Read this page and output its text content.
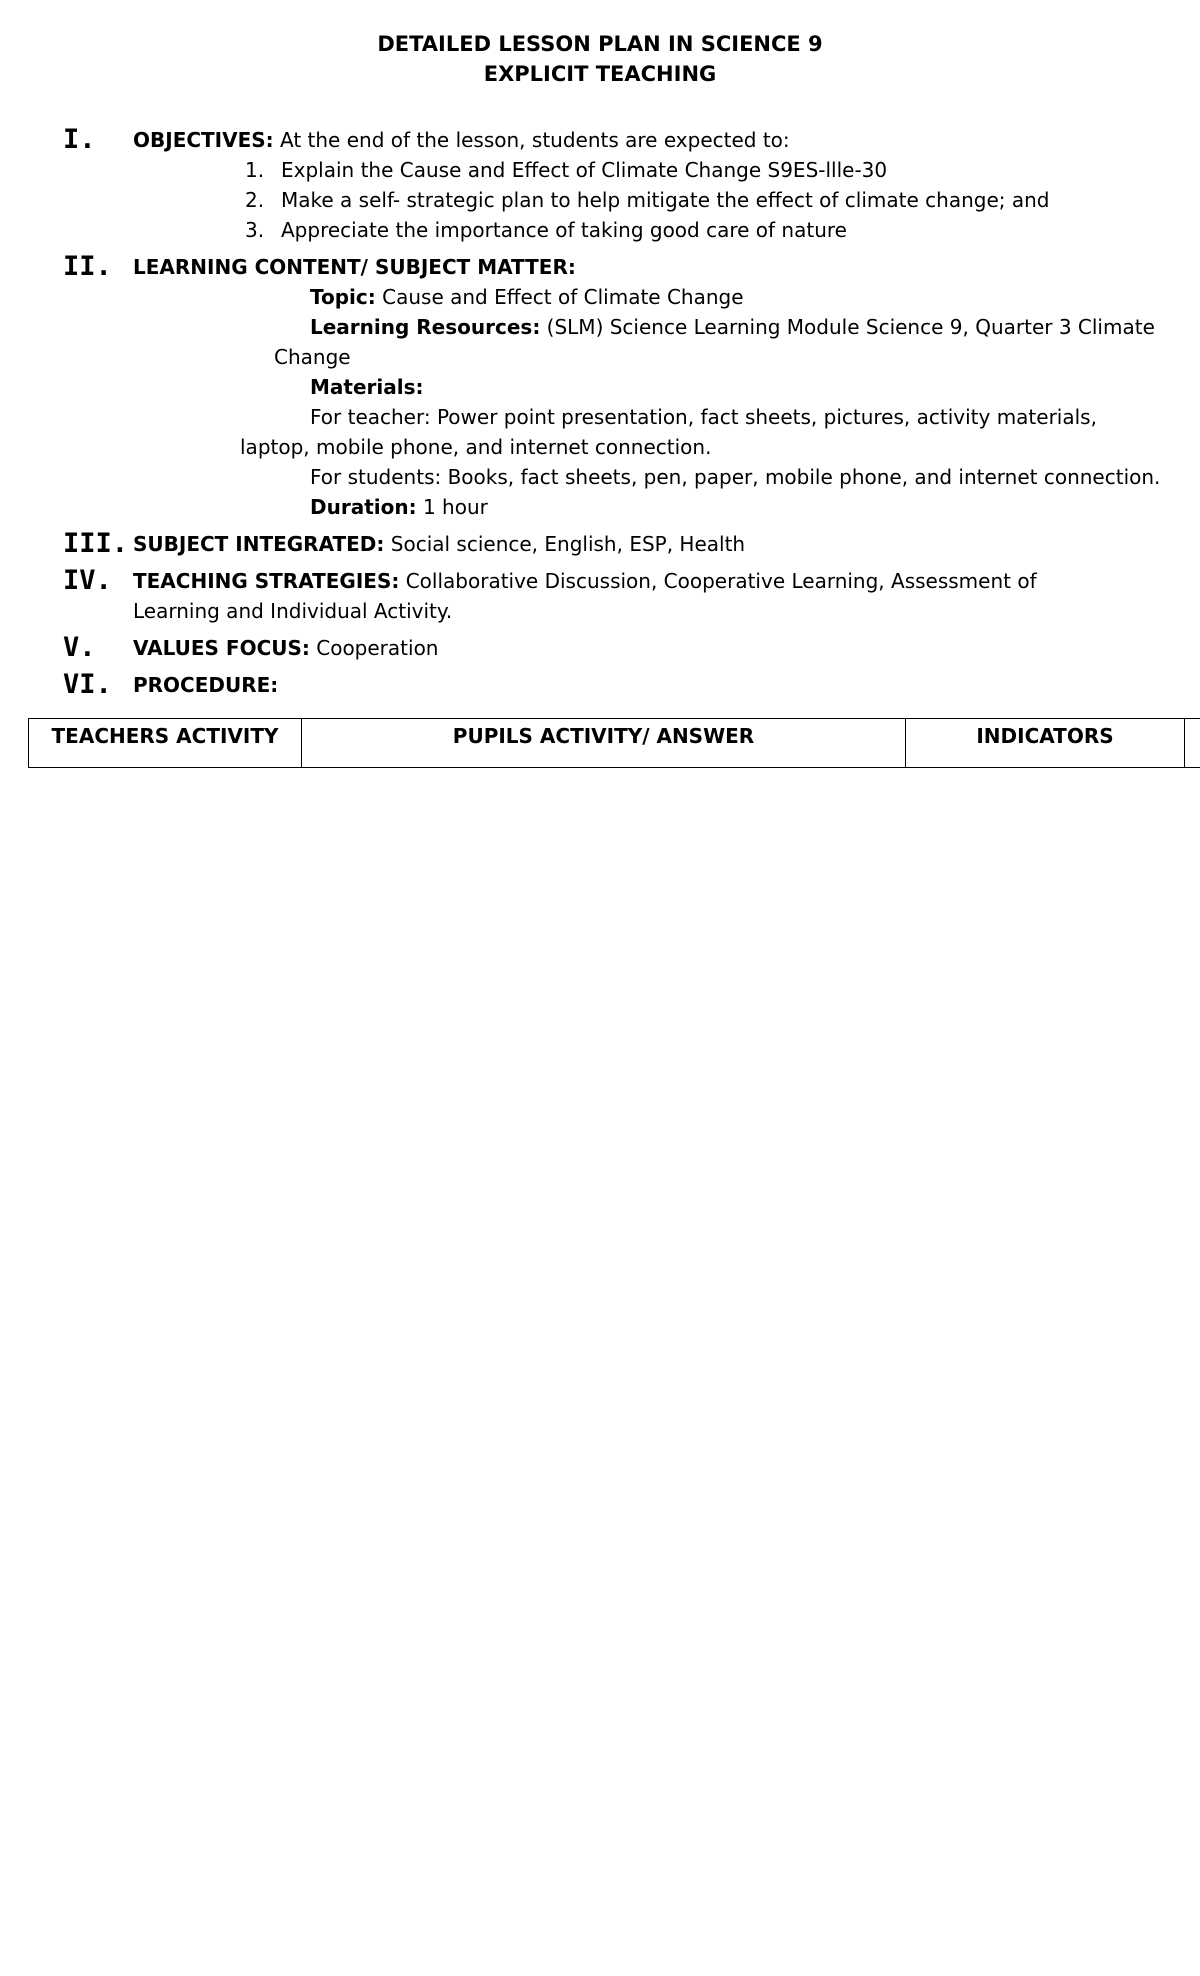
DETAILED LESSON PLAN IN SCIENCE 9
EXPLICIT TEACHING
I. OBJECTIVES: At the end of the lesson, students are expected to:
1. Explain the Cause and Effect of Climate Change S9ES-llle-30
2. Make a self- strategic plan to help mitigate the effect of climate change; and
3. Appreciate the importance of taking good care of nature
II. LEARNING CONTENT/ SUBJECT MATTER:
Topic: Cause and Effect of Climate Change
Learning Resources: (SLM) Science Learning Module Science 9, Quarter 3 Climate
Change
Materials:
For teacher: Power point presentation, fact sheets, pictures, activity materials,
laptop, mobile phone, and internet connection.
For students: Books, fact sheets, pen, paper, mobile phone, and internet connection.
Duration: 1 hour
III. SUBJECT INTEGRATED: Social science, English, ESP, Health
IV. TEACHING STRATEGIES: Collaborative Discussion, Cooperative Learning, Assessment of
Learning and Individual Activity.
V. VALUES FOCUS: Cooperation
VI. PROCEDURE:
TEACHERS ACTIVITY	PUPILS ACTIVITY/ ANSWER	INDICATORS	
